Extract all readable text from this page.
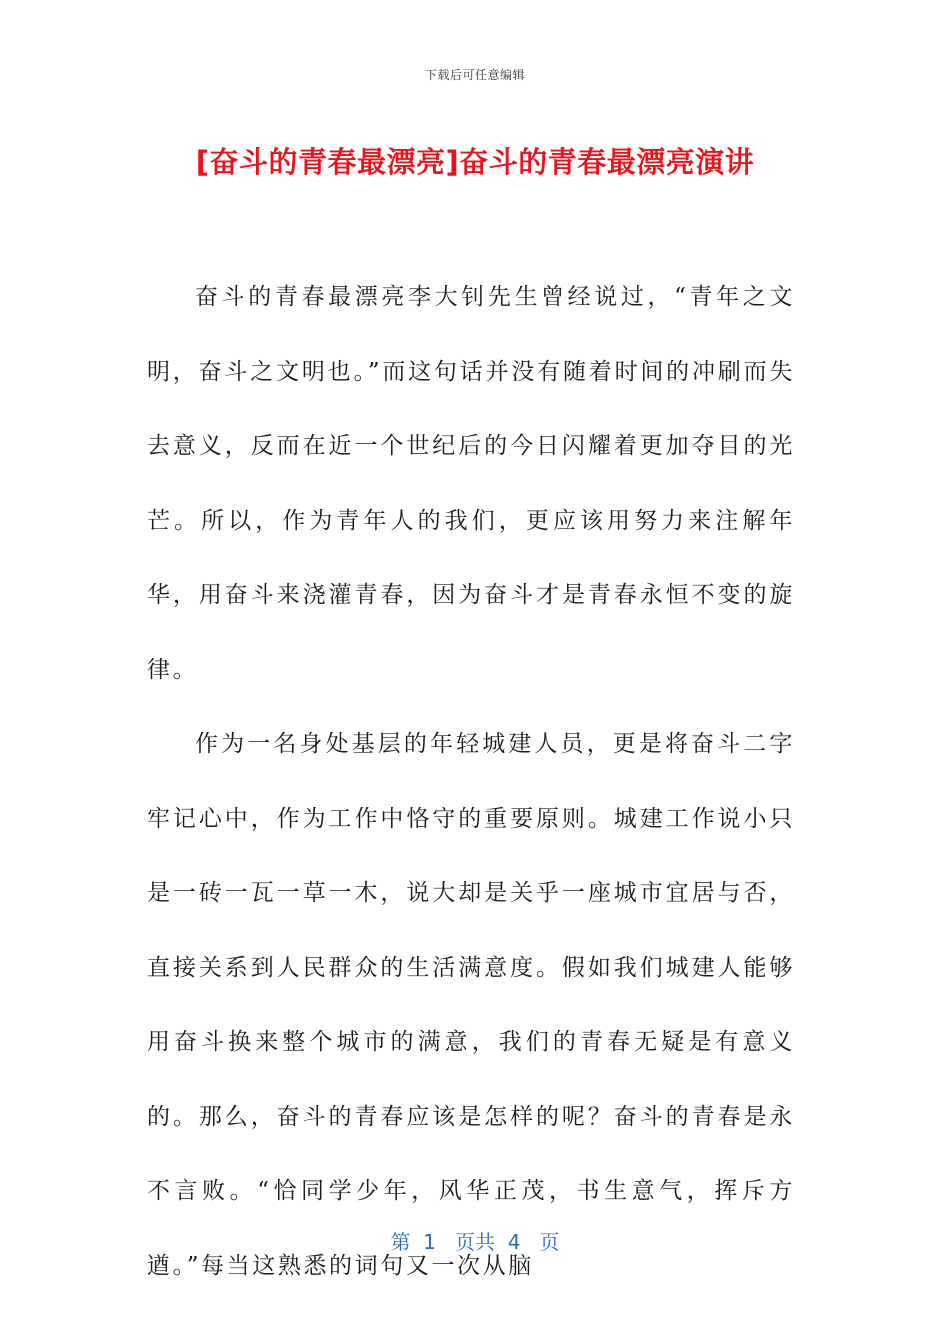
下载后可任意编辑
[奋斗的青春最漂亮]奋斗的青春最漂亮演讲

奋斗的青春最漂亮李大钊先生曾经说过，“青年之文明，奋斗之文明也。”而这句话并没有随着时间的冲刷而失去意义，反而在近一个世纪后的今日闪耀着更加夺目的光芒。所以，作为青年人的我们，更应该用努力来注解年华，用奋斗来浇灌青春，因为奋斗才是青春永恒不变的旋律。

作为一名身处基层的年轻城建人员，更是将奋斗二字牢记心中，作为工作中恪守的重要原则。城建工作说小只是一砖一瓦一草一木，说大却是关乎一座城市宜居与否，直接关系到人民群众的生活满意度。假如我们城建人能够用奋斗换来整个城市的满意，我们的青春无疑是有意义的。那么，奋斗的青春应该是怎样的呢？奋斗的青春是永不言败。“恰同学少年，风华正茂，书生意气，挥斥方遒。”每当这熟悉的词句又一次从脑

第  1   页共  4   页
